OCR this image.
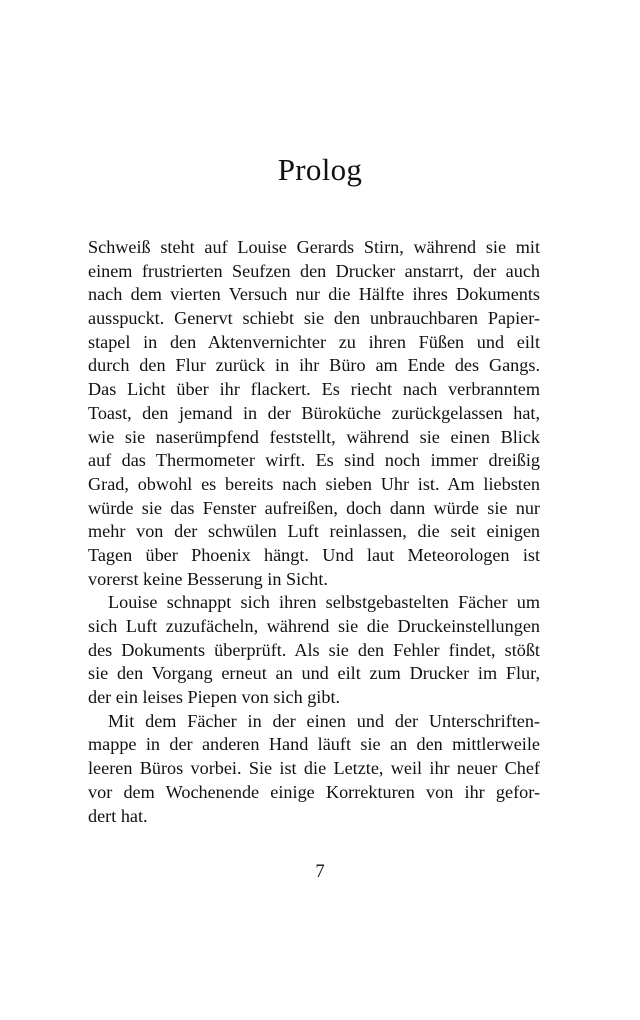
Prolog
Schweiß steht auf Louise Gerards Stirn, während sie mit
einem frustrierten Seufzen den Drucker anstarrt, der auch
nach dem vierten Versuch nur die Hälfte ihres Dokuments
ausspuckt. Genervt schiebt sie den unbrauchbaren Papier-
stapel in den Aktenvernichter zu ihren Füßen und eilt
durch den Flur zurück in ihr Büro am Ende des Gangs.
Das Licht über ihr flackert. Es riecht nach verbranntem
Toast, den jemand in der Büroküche zurückgelassen hat,
wie sie naserümpfend feststellt, während sie einen Blick
auf das Thermometer wirft. Es sind noch immer dreißig
Grad, obwohl es bereits nach sieben Uhr ist. Am liebsten
würde sie das Fenster aufreißen, doch dann würde sie nur
mehr von der schwülen Luft reinlassen, die seit einigen
Tagen über Phoenix hängt. Und laut Meteorologen ist
vorerst keine Besserung in Sicht.
Louise schnappt sich ihren selbstgebastelten Fächer um
sich Luft zuzufächeln, während sie die Druckeinstellungen
des Dokuments überprüft. Als sie den Fehler findet, stößt
sie den Vorgang erneut an und eilt zum Drucker im Flur,
der ein leises Piepen von sich gibt.
Mit dem Fächer in der einen und der Unterschriften-
mappe in der anderen Hand läuft sie an den mittlerweile
leeren Büros vorbei. Sie ist die Letzte, weil ihr neuer Chef
vor dem Wochenende einige Korrekturen von ihr gefor-
dert hat.
7
